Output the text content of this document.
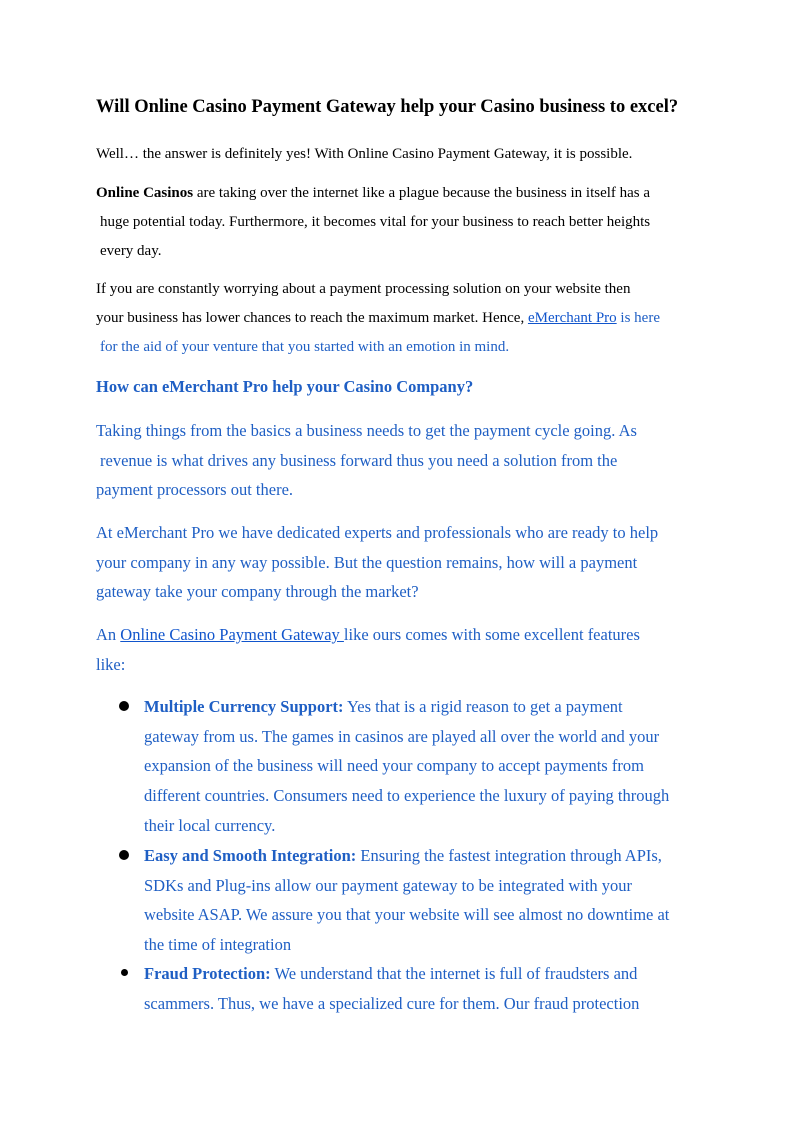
Will Online Casino Payment Gateway help your Casino business to excel?
Well… the answer is definitely yes! With Online Casino Payment Gateway, it is possible.
Online Casinos are taking over the internet like a plague because the business in itself has a
huge potential today. Furthermore, it becomes vital for your business to reach better heights
every day.
If you are constantly worrying about a payment processing solution on your website then
your business has lower chances to reach the maximum market. Hence, eMerchant Pro is here
for the aid of your venture that you started with an emotion in mind.
How can eMerchant Pro help your Casino Company?
Taking things from the basics a business needs to get the payment cycle going. As
revenue is what drives any business forward thus you need a solution from the
payment processors out there.
At eMerchant Pro we have dedicated experts and professionals who are ready to help
your company in any way possible. But the question remains, how will a payment
gateway take your company through the market?
An Online Casino Payment Gateway like ours comes with some excellent features
like:
Multiple Currency Support: Yes that is a rigid reason to get a payment
gateway from us. The games in casinos are played all over the world and your
expansion of the business will need your company to accept payments from
different countries. Consumers need to experience the luxury of paying through
their local currency.
Easy and Smooth Integration: Ensuring the fastest integration through APIs,
SDKs and Plug-ins allow our payment gateway to be integrated with your
website ASAP. We assure you that your website will see almost no downtime at
the time of integration
Fraud Protection: We understand that the internet is full of fraudsters and
scammers. Thus, we have a specialized cure for them. Our fraud protection
